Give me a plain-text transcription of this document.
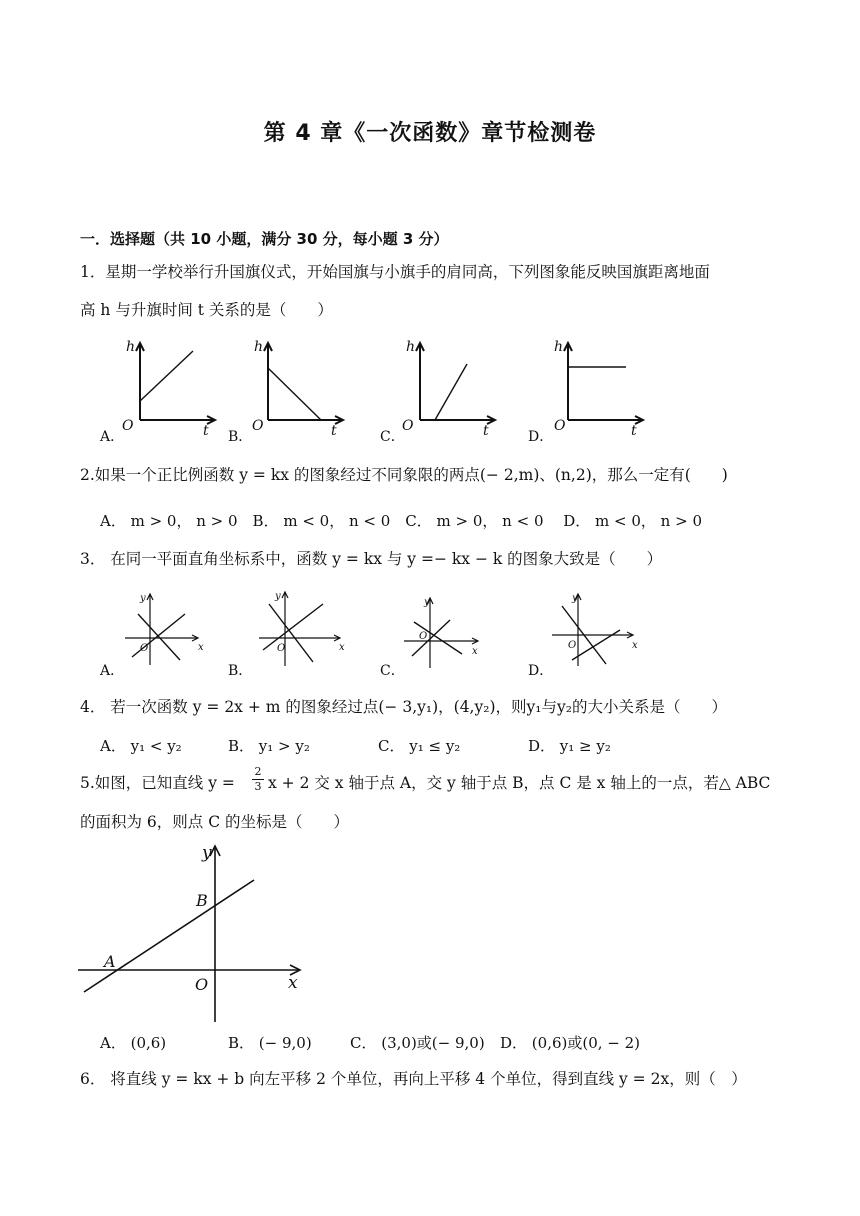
第 4 章《一次函数》章节检测卷
一．选择题（共 10 小题，满分 30 分，每小题 3 分）
1．星期一学校举行升国旗仪式，开始国旗与小旗手的肩同高，下列图象能反映国旗距离地面
高 h 与升旗时间 t 关系的是（　　）
h
O	t
A．
h
O	t
B．
h
O	t
C．
h
O	t
D．
2.如果一个正比例函数 y = kx 的图象经过不同象限的两点(− 2,m)、(n,2)，那么一定有(　　)
A． m > 0， n > 0　B． m < 0， n < 0　C． m > 0， n < 0　 D． m < 0， n > 0
3． 在同一平面直角坐标系中，函数 y = kx 与 y =− kx − k 的图象大致是（　　）
y
O	x
A．
y
O	x
B．
y
O
x
C．
y
O	x
D．
4． 若一次函数 y = 2x + m 的图象经过点(− 3,y₁)，(4,y₂)，则y₁与y₂的大小关系是（　　）
A． y₁ < y₂	B． y₁ > y₂	C． y₁ ≤ y₂	D． y₁ ≥ y₂
5.如图，已知直线 y =
2
3 x + 2 交 x 轴于点 A，交 y 轴于点 B，点 C 是 x 轴上的一点，若△ ABC
的面积为 6，则点 C 的坐标是（　　）
y
x
O
A
B
A． (0,6)	B． (− 9,0)	C． (3,0)或(− 9,0) D． (0,6)或(0, − 2)
6． 将直线 y = kx + b 向左平移 2 个单位，再向上平移 4 个单位，得到直线 y = 2x，则（　）
